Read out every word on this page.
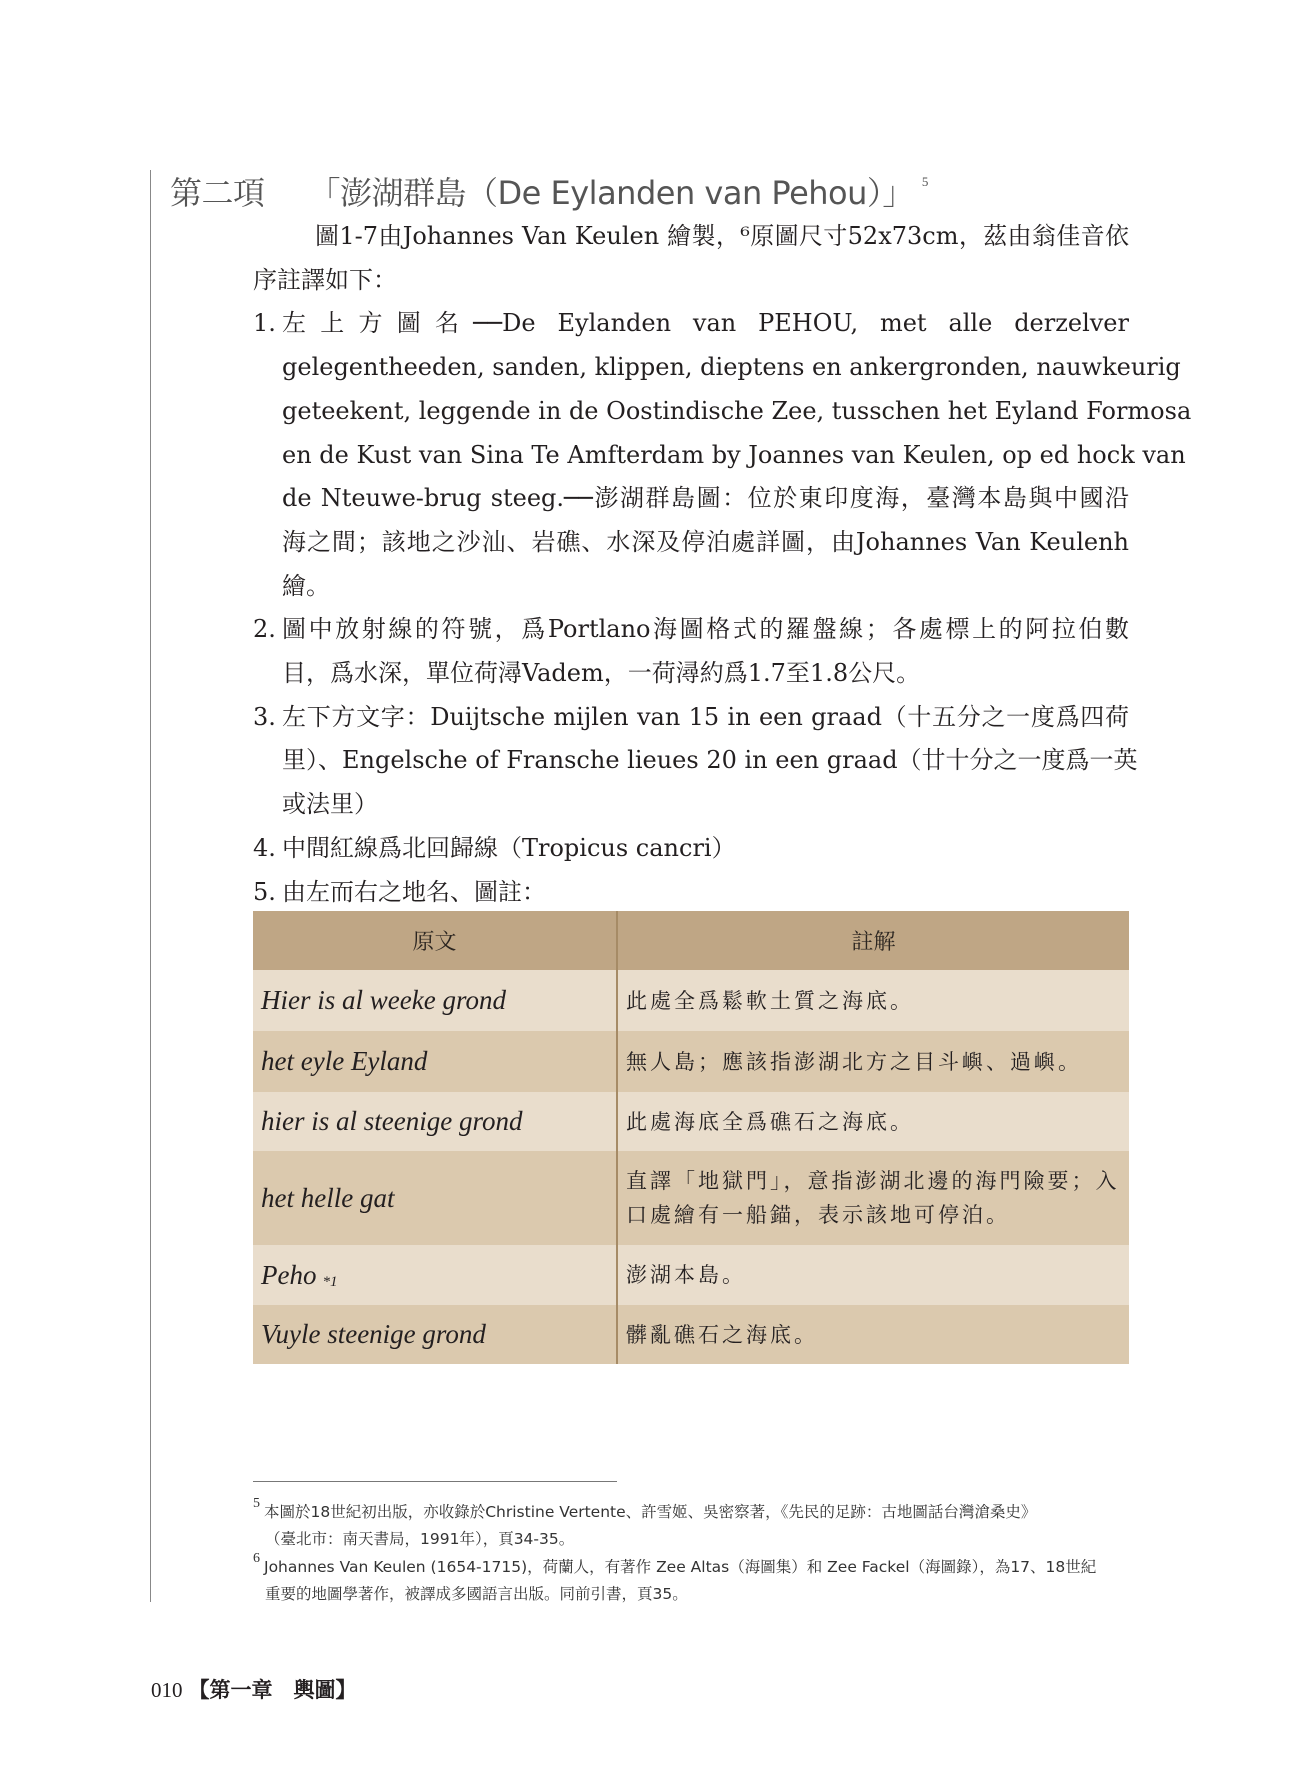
第二項 「澎湖群島（De Eylanden van Pehou）」 $^5$
圖1-7由Johannes Van Keulen 繪製，⁶原圖尺寸52x73cm，茲由翁佳音依
序註譯如下：
1. 左上方圖名──De Eylanden van PEHOU, met alle derzelver
gelegentheeden, sanden, klippen, dieptens en ankergronden, nauwkeurig
geteekent, leggende in de Oostindische Zee, tusschen het Eyland Formosa
en de Kust van Sina Te Amfterdam by Joannes van Keulen, op ed hock van
de Nteuwe-brug steeg.──澎湖群島圖：位於東印度海，臺灣本島與中國沿
海之間；該地之沙汕、岩礁、水深及停泊處詳圖，由Johannes Van Keulenh
繪。
2. 圖中放射線的符號，爲Portlano海圖格式的羅盤線；各處標上的阿拉伯數
目，爲水深，單位荷潯Vadem，一荷潯約爲1.7至1.8公尺。
3. 左下方文字：Duijtsche mijlen van 15 in een graad（十五分之一度爲四荷
里）、Engelsche of Fransche lieues 20 in een graad（廿十分之一度爲一英
或法里）
4. 中間紅線爲北回歸線（Tropicus cancri）
5. 由左而右之地名、圖註：
原文	註解
Hier is al weeke grond	此處全爲鬆軟土質之海底。
het eyle Eyland	無人島；應該指澎湖北方之目斗嶼、過嶼。
hier is al steenige grond	此處海底全爲礁石之海底。
het helle gat	直譯「地獄門」，意指澎湖北邊的海門險要；入口處繪有一船錨，表示該地可停泊。
Peho $^{*1}$	澎湖本島。
Vuyle steenige grond	髒亂礁石之海底。
$^5$ 本圖於18世紀初出版，亦收錄於Christine Vertente、許雪姬、吳密察著，《先民的足跡：古地圖話台灣滄桑史》
（臺北市：南天書局，1991年），頁34-35。
$^6$ Johannes Van Keulen (1654-1715)，荷蘭人，有著作 Zee Altas（海圖集）和 Zee Fackel（海圖錄），為17、18世紀
重要的地圖學著作，被譯成多國語言出版。同前引書，頁35。
010 【第一章　輿圖】
